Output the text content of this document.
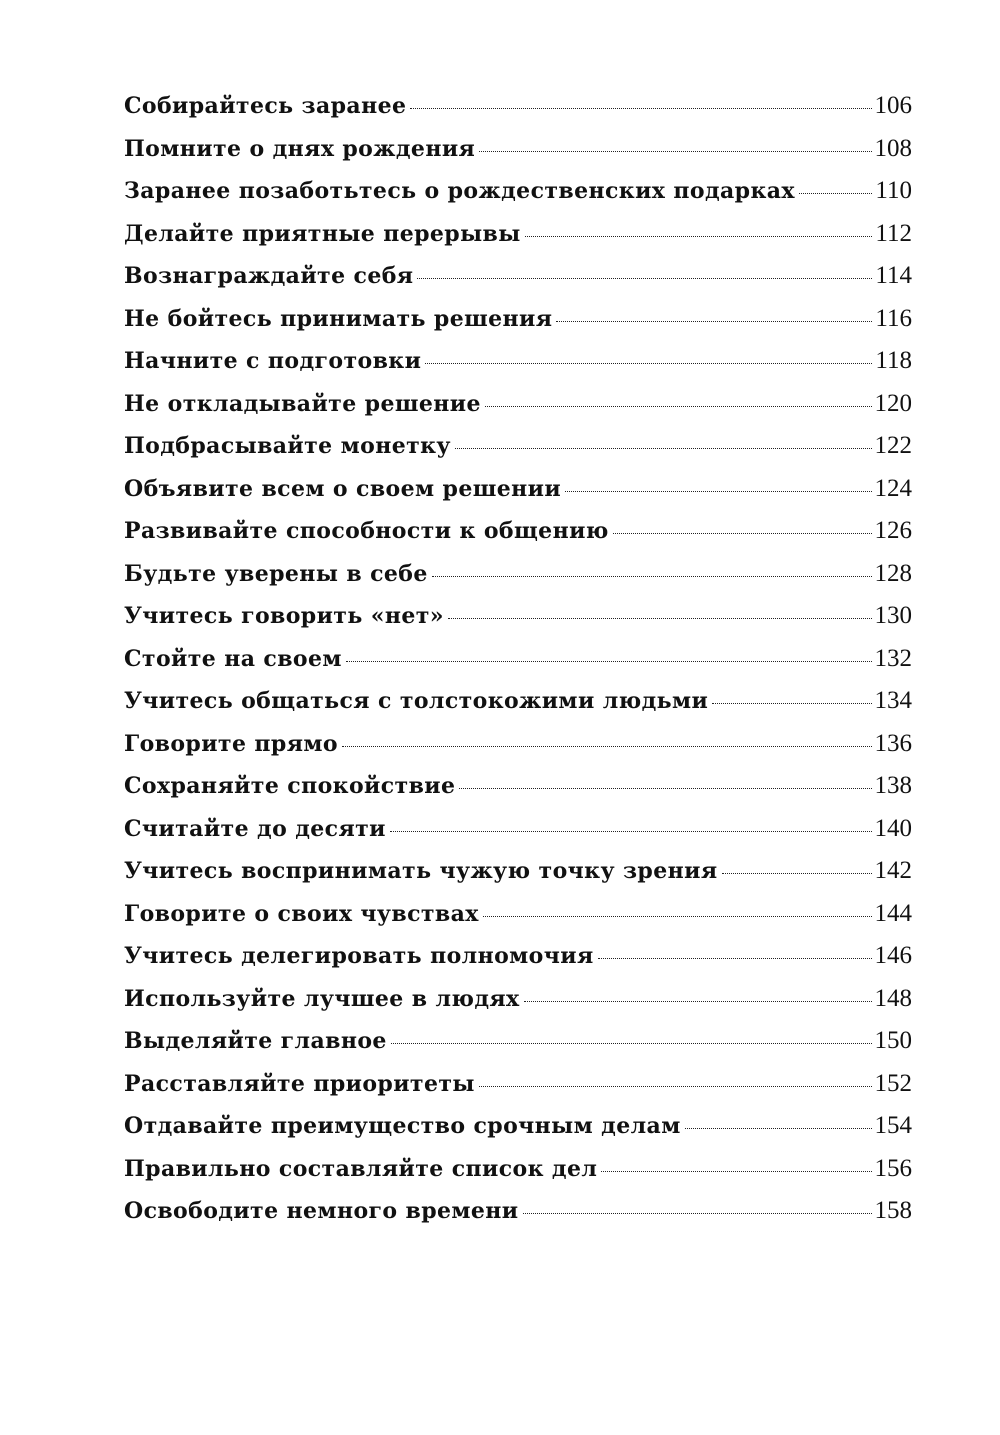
Собирайтесь заранее	106
Помните о днях рождения	108
Заранее позаботьтесь о рождественских подарках	110
Делайте приятные перерывы	112
Вознаграждайте себя	114
Не бойтесь принимать решения	116
Начните с подготовки	118
Не откладывайте решение	120
Подбрасывайте монетку	122
Объявите всем о своем решении	124
Развивайте способности к общению	126
Будьте уверены в себе	128
Учитесь говорить «нет»	130
Стойте на своем	132
Учитесь общаться с толстокожими людьми	134
Говорите прямо	136
Сохраняйте спокойствие	138
Считайте до десяти	140
Учитесь воспринимать чужую точку зрения	142
Говорите о своих чувствах	144
Учитесь делегировать полномочия	146
Используйте лучшее в людях	148
Выделяйте главное	150
Расставляйте приоритеты	152
Отдавайте преимущество срочным делам	154
Правильно составляйте список дел	156
Освободите немного времени	158
